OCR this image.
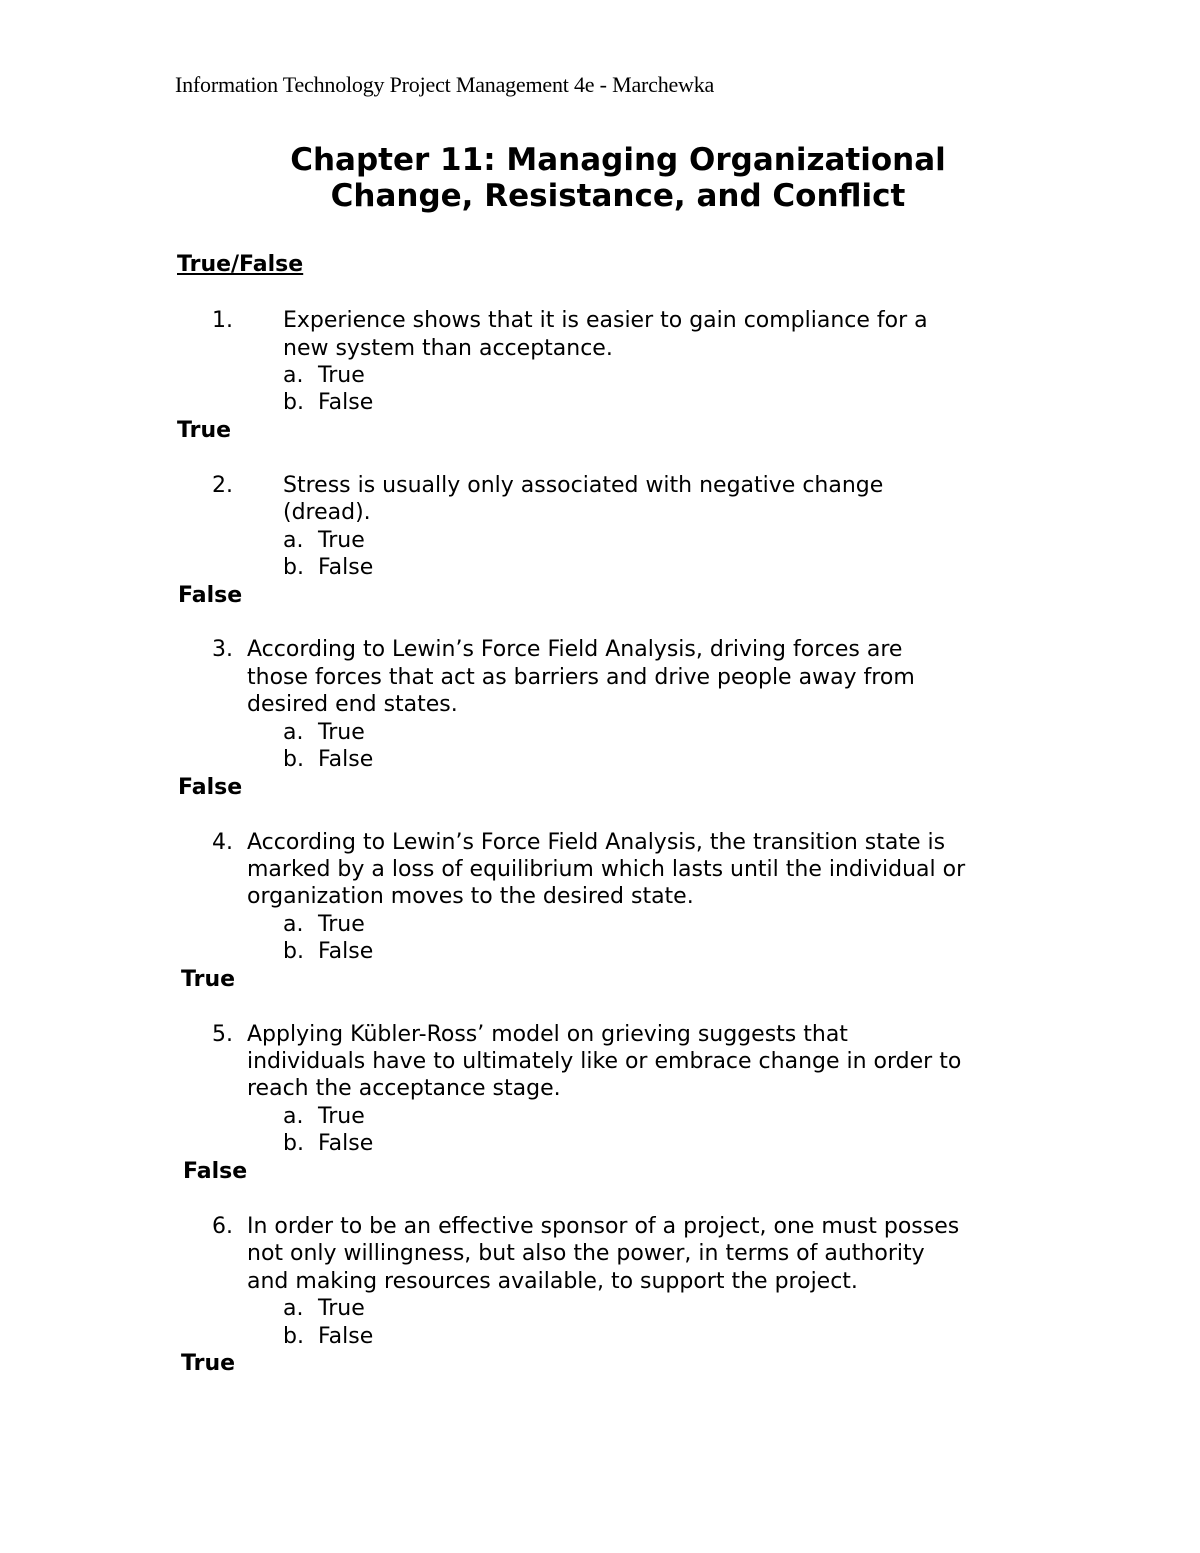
Information Technology Project Management 4e - Marchewka
Chapter 11: Managing Organizational
Change, Resistance, and Conflict
True/False
1. Experience shows that it is easier to gain compliance for a
new system than acceptance.
a. True
b. False
True
2. Stress is usually only associated with negative change
(dread).
a. True
b. False
False
3. According to Lewin’s Force Field Analysis, driving forces are
those forces that act as barriers and drive people away from
desired end states.
a. True
b. False
False
4. According to Lewin’s Force Field Analysis, the transition state is
marked by a loss of equilibrium which lasts until the individual or
organization moves to the desired state.
a. True
b. False
True
5. Applying Kübler-Ross’ model on grieving suggests that
individuals have to ultimately like or embrace change in order to
reach the acceptance stage.
a. True
b. False
False
6. In order to be an effective sponsor of a project, one must posses
not only willingness, but also the power, in terms of authority
and making resources available, to support the project.
a. True
b. False
True
